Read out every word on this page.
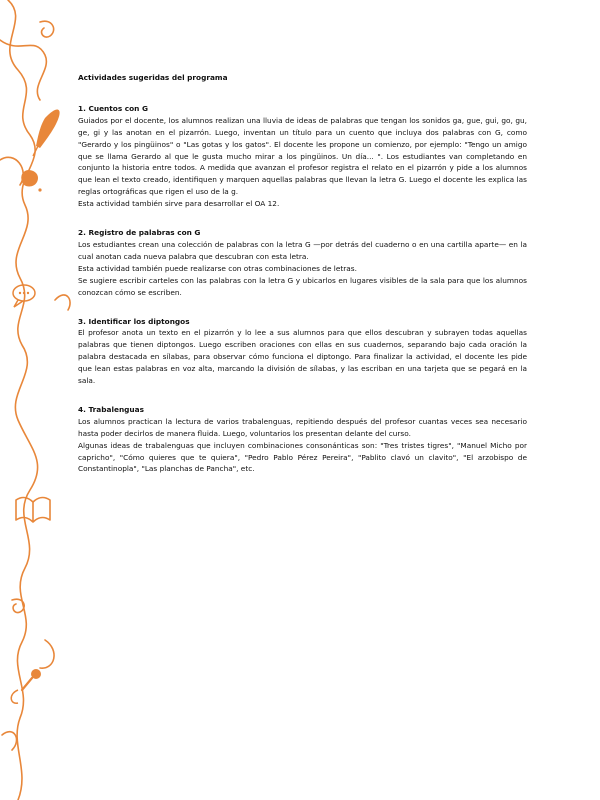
Actividades sugeridas del programa
1. Cuentos con G

Guiados por el docente, los alumnos realizan una lluvia de ideas de palabras que tengan los sonidos ga, gue, gui, go, gu, ge, gi y las anotan en el pizarrón. Luego, inventan un título para un cuento que incluya dos palabras con G, como "Gerardo y los pingüinos" o "Las gotas y los gatos". El docente les propone un comienzo, por ejemplo: "Tengo un amigo que se llama Gerardo al que le gusta mucho mirar a los pingüinos. Un día... ". Los estudiantes van completando en conjunto la historia entre todos. A medida que avanzan el profesor registra el relato en el pizarrón y pide a los alumnos que lean el texto creado, identifiquen y marquen aquellas palabras que llevan la letra G. Luego el docente les explica las reglas ortográficas que rigen el uso de la g.

Esta actividad también sirve para desarrollar el OA 12.

2. Registro de palabras con G

Los estudiantes crean una colección de palabras con la letra G —por detrás del cuaderno o en una cartilla aparte— en la cual anotan cada nueva palabra que descubran con esta letra.

Esta actividad también puede realizarse con otras combinaciones de letras.

Se sugiere escribir carteles con las palabras con la letra G y ubicarlos en lugares visibles de la sala para que los alumnos conozcan cómo se escriben.

3. Identificar los diptongos

El profesor anota un texto en el pizarrón y lo lee a sus alumnos para que ellos descubran y subrayen todas aquellas palabras que tienen diptongos. Luego escriben oraciones con ellas en sus cuadernos, separando bajo cada oración la palabra destacada en sílabas, para observar cómo funciona el diptongo. Para finalizar la actividad, el docente les pide que lean estas palabras en voz alta, marcando la división de sílabas, y las escriban en una tarjeta que se pegará en la sala.

4. Trabalenguas

Los alumnos practican la lectura de varios trabalenguas, repitiendo después del profesor cuantas veces sea necesario hasta poder decirlos de manera fluida. Luego, voluntarios los presentan delante del curso.

Algunas ideas de trabalenguas que incluyen combinaciones consonánticas son: "Tres tristes tigres", "Manuel Micho por capricho", "Cómo quieres que te quiera", "Pedro Pablo Pérez Pereira", "Pablito clavó un clavito", "El arzobispo de Constantinopla", "Las planchas de Pancha", etc.
